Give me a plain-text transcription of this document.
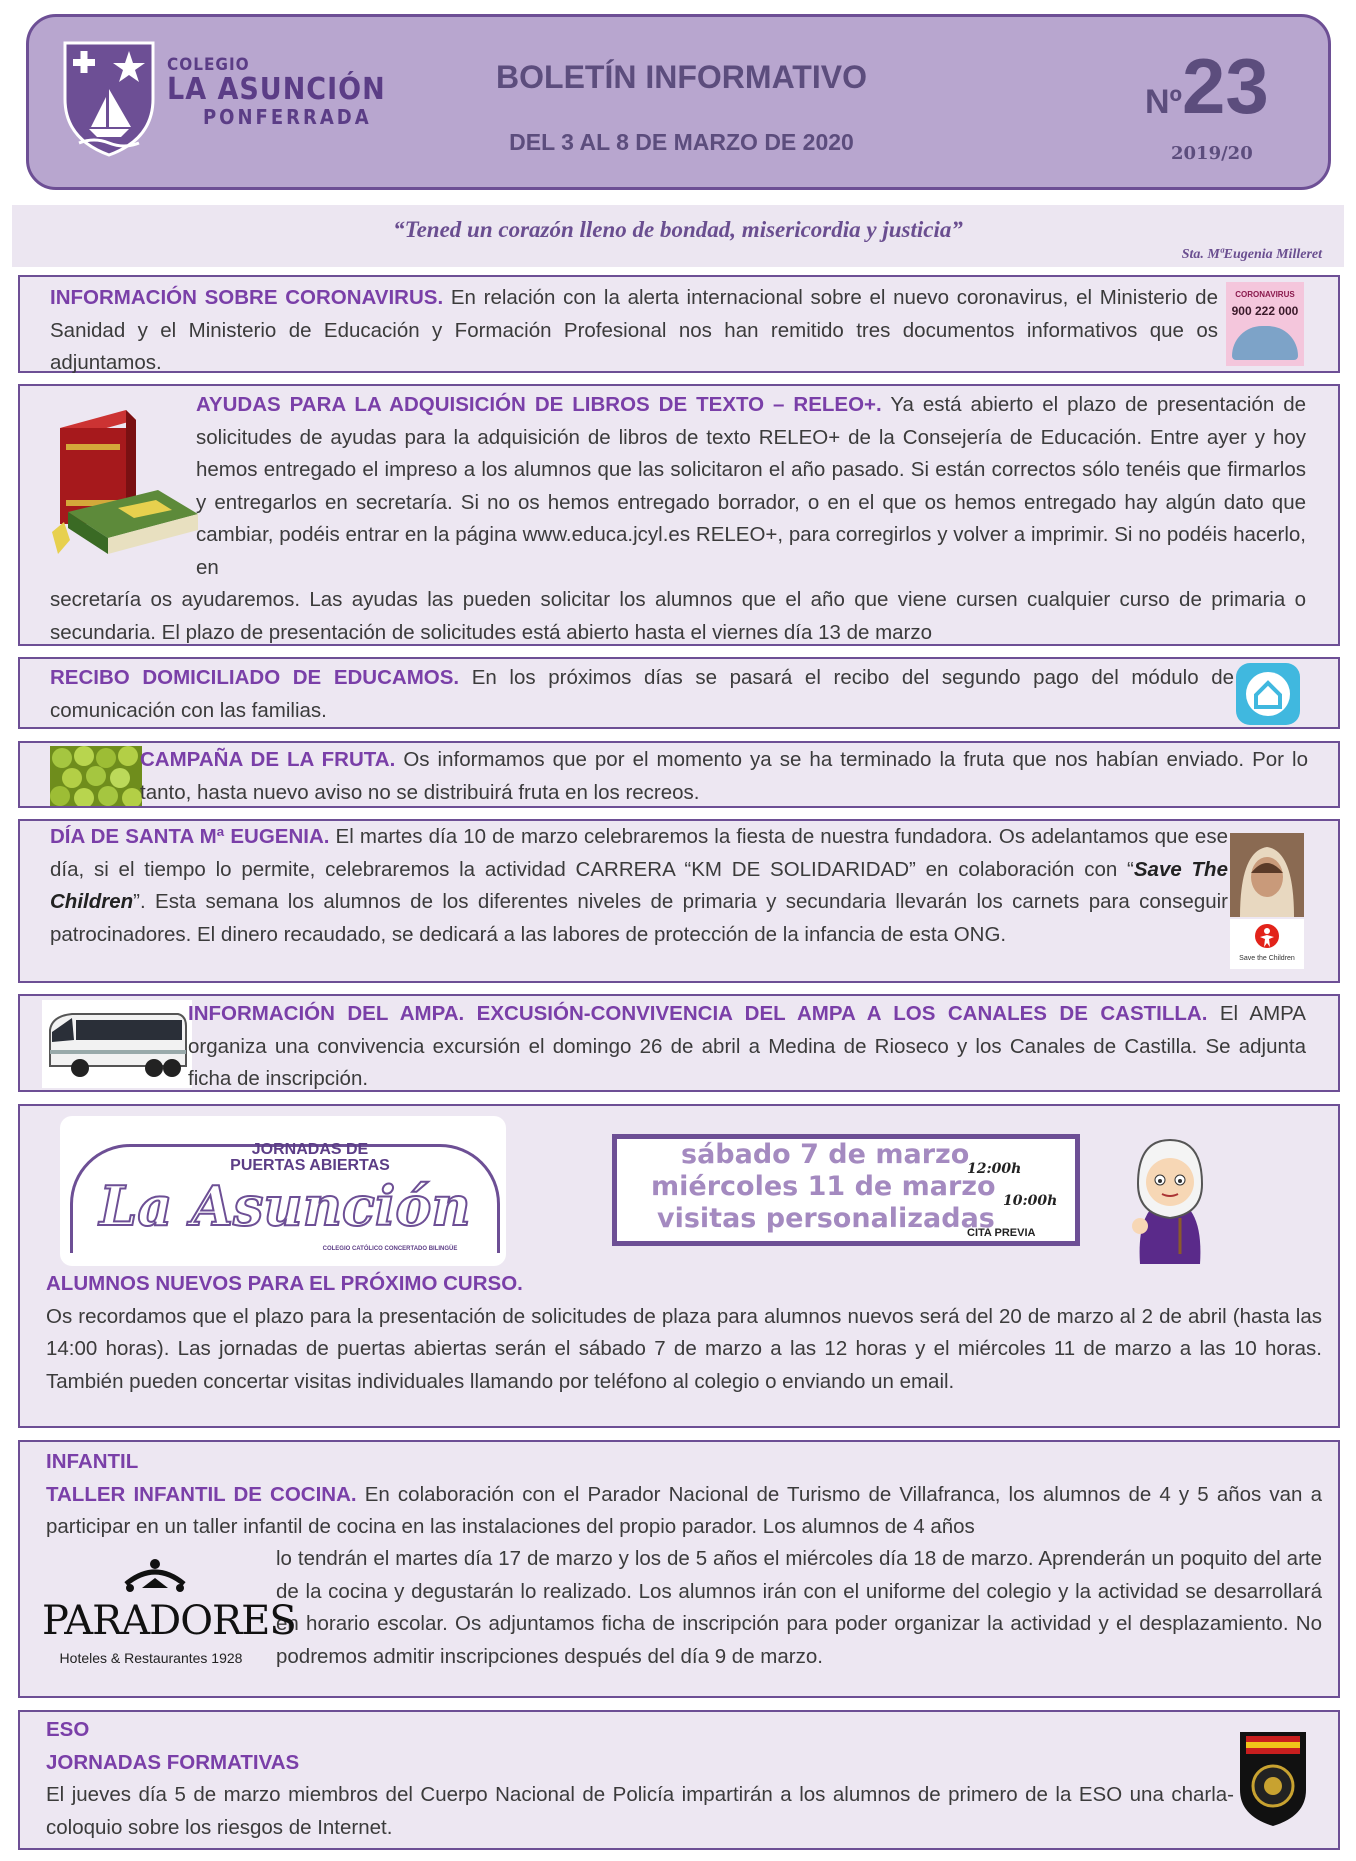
COLEGIO
LA ASUNCIÓN
PONFERRADA
BOLETÍN INFORMATIVO
DEL 3 AL 8 DE MARZO DE 2020
Nº23
2019/20
“Tened un corazón lleno de bondad, misericordia y justicia”
Sta. MªEugenia Milleret
INFORMACIÓN SOBRE CORONAVIRUS. En relación con la alerta internacional sobre el nuevo coronavirus, el Ministerio de Sanidad y el Ministerio de Educación y Formación Profesional nos han remitido tres documentos informativos que os adjuntamos.
CORONAVIRUS
900 222 000
AYUDAS PARA LA ADQUISICIÓN DE LIBROS DE TEXTO – RELEO+. Ya está abierto el plazo de presentación de solicitudes de ayudas para la adquisición de libros de texto RELEO+ de la Consejería de Educación. Entre ayer y hoy hemos entregado el impreso a los alumnos que las solicitaron el año pasado. Si están correctos sólo tenéis que firmarlos y entregarlos en secretaría. Si no os hemos entregado borrador, o en el que os hemos entregado hay algún dato que cambiar, podéis entrar en la página www.educa.jcyl.es RELEO+, para corregirlos y volver a imprimir. Si no podéis hacerlo, en
secretaría os ayudaremos. Las ayudas las pueden solicitar los alumnos que el año que viene cursen cualquier curso de primaria o secundaria. El plazo de presentación de solicitudes está abierto hasta el viernes día 13 de marzo
RECIBO DOMICILIADO DE EDUCAMOS. En los próximos días se pasará el recibo del segundo pago del módulo de comunicación con las familias.
CAMPAÑA DE LA FRUTA. Os informamos que por el momento ya se ha terminado la fruta que nos habían enviado. Por lo tanto, hasta nuevo aviso no se distribuirá fruta en los recreos.
DÍA DE SANTA Mª EUGENIA. El martes día 10 de marzo celebraremos la fiesta de nuestra fundadora. Os adelantamos que ese día, si el tiempo lo permite, celebraremos la actividad CARRERA “KM DE SOLIDARIDAD” en colaboración con “Save The Children”. Esta semana los alumnos de los diferentes niveles de primaria y secundaria llevarán los carnets para conseguir patrocinadores. El dinero recaudado, se dedicará a las labores de protección de la infancia de esta ONG.
Save the Children
INFORMACIÓN DEL AMPA. EXCUSIÓN-CONVIVENCIA DEL AMPA A LOS CANALES DE CASTILLA. El AMPA organiza una convivencia excursión el domingo 26 de abril a Medina de Rioseco y los Canales de Castilla. Se adjunta ficha de inscripción.
JORNADAS DE
PUERTAS ABIERTAS
La Asunción
COLEGIO CATÓLICO CONCERTADO BILINGÜE
sábado 7 de marzo
12:00h
miércoles 11 de marzo 10:00h
visitas personalizadas
CITA PREVIA
ALUMNOS NUEVOS PARA EL PRÓXIMO CURSO.
Os recordamos que el plazo para la presentación de solicitudes de plaza para alumnos nuevos será del 20 de marzo al 2 de abril (hasta las 14:00 horas). Las jornadas de puertas abiertas serán el sábado 7 de marzo a las 12 horas y el miércoles 11 de marzo a las 10 horas. También pueden concertar visitas individuales llamando por teléfono al colegio o enviando un email.
INFANTIL
TALLER INFANTIL DE COCINA. En colaboración con el Parador Nacional de Turismo de Villafranca, los alumnos de 4 y 5 años van a participar en un taller infantil de cocina en las instalaciones del propio parador. Los alumnos de 4 años
lo tendrán el martes día 17 de marzo y los de 5 años el miércoles día 18 de marzo. Aprenderán un poquito del arte de la cocina y degustarán lo realizado. Los alumnos irán con el uniforme del colegio y la actividad se desarrollará en horario escolar. Os adjuntamos ficha de inscripción para poder organizar la actividad y el desplazamiento. No podremos admitir inscripciones después del día 9 de marzo.
PARADORES
Hoteles & Restaurantes 1928
ESO
JORNADAS FORMATIVAS
El jueves día 5 de marzo miembros del Cuerpo Nacional de Policía impartirán a los alumnos de primero de la ESO una charla-coloquio sobre los riesgos de Internet.
